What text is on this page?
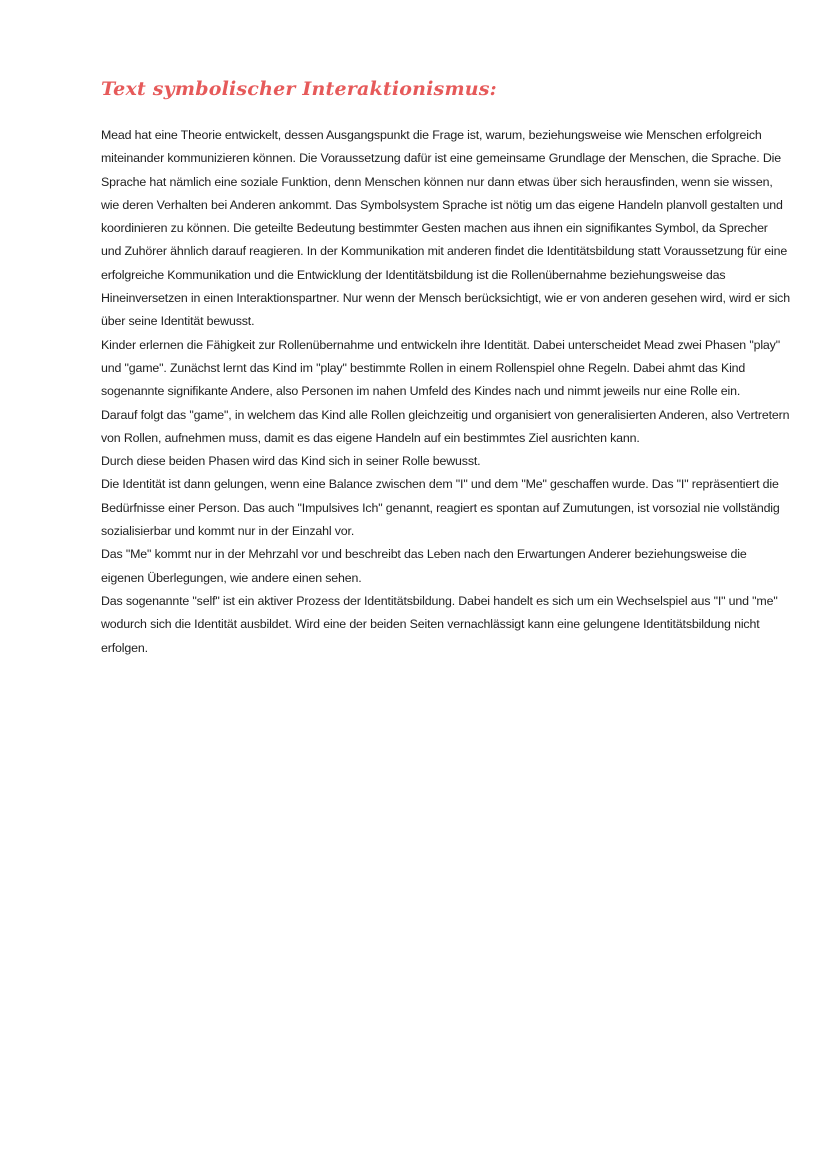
Text symbolischer Interaktionismus:

Mead hat eine Theorie entwickelt, dessen Ausgangspunkt die Frage ist, warum, beziehungsweise wie Menschen erfolgreich miteinander kommunizieren können. Die Voraussetzung dafür ist eine gemeinsame Grundlage der Menschen, die Sprache. Die Sprache hat nämlich eine soziale Funktion, denn Menschen können nur dann etwas über sich herausfinden, wenn sie wissen, wie deren Verhalten bei Anderen ankommt. Das Symbolsystem Sprache ist nötig um das eigene Handeln planvoll gestalten und koordinieren zu können. Die geteilte Bedeutung bestimmter Gesten machen aus ihnen ein signifikantes Symbol, da Sprecher und Zuhörer ähnlich darauf reagieren. In der Kommunikation mit anderen findet die Identitätsbildung statt Voraussetzung für eine erfolgreiche Kommunikation und die Entwicklung der Identitätsbildung ist die Rollenübernahme beziehungsweise das Hineinversetzen in einen Interaktionspartner. Nur wenn der Mensch berücksichtigt, wie er von anderen gesehen wird, wird er sich über seine Identität bewusst.

Kinder erlernen die Fähigkeit zur Rollenübernahme und entwickeln ihre Identität. Dabei unterscheidet Mead zwei Phasen "play" und "game". Zunächst lernt das Kind im "play" bestimmte Rollen in einem Rollenspiel ohne Regeln. Dabei ahmt das Kind sogenannte signifikante Andere, also Personen im nahen Umfeld des Kindes nach und nimmt jeweils nur eine Rolle ein.

Darauf folgt das "game", in welchem das Kind alle Rollen gleichzeitig und organisiert von generalisierten Anderen, also Vertretern von Rollen, aufnehmen muss, damit es das eigene Handeln auf ein bestimmtes Ziel ausrichten kann.

Durch diese beiden Phasen wird das Kind sich in seiner Rolle bewusst.

Die Identität ist dann gelungen, wenn eine Balance zwischen dem "I" und dem "Me" geschaffen wurde. Das "I" repräsentiert die Bedürfnisse einer Person. Das auch "Impulsives Ich" genannt, reagiert es spontan auf Zumutungen, ist vorsozial nie vollständig sozialisierbar und kommt nur in der Einzahl vor.

Das "Me" kommt nur in der Mehrzahl vor und beschreibt das Leben nach den Erwartungen Anderer beziehungsweise die eigenen Überlegungen, wie andere einen sehen.

Das sogenannte "self" ist ein aktiver Prozess der Identitätsbildung. Dabei handelt es sich um ein Wechselspiel aus "I" und "me" wodurch sich die Identität ausbildet. Wird eine der beiden Seiten vernachlässigt kann eine gelungene Identitätsbildung nicht erfolgen.
